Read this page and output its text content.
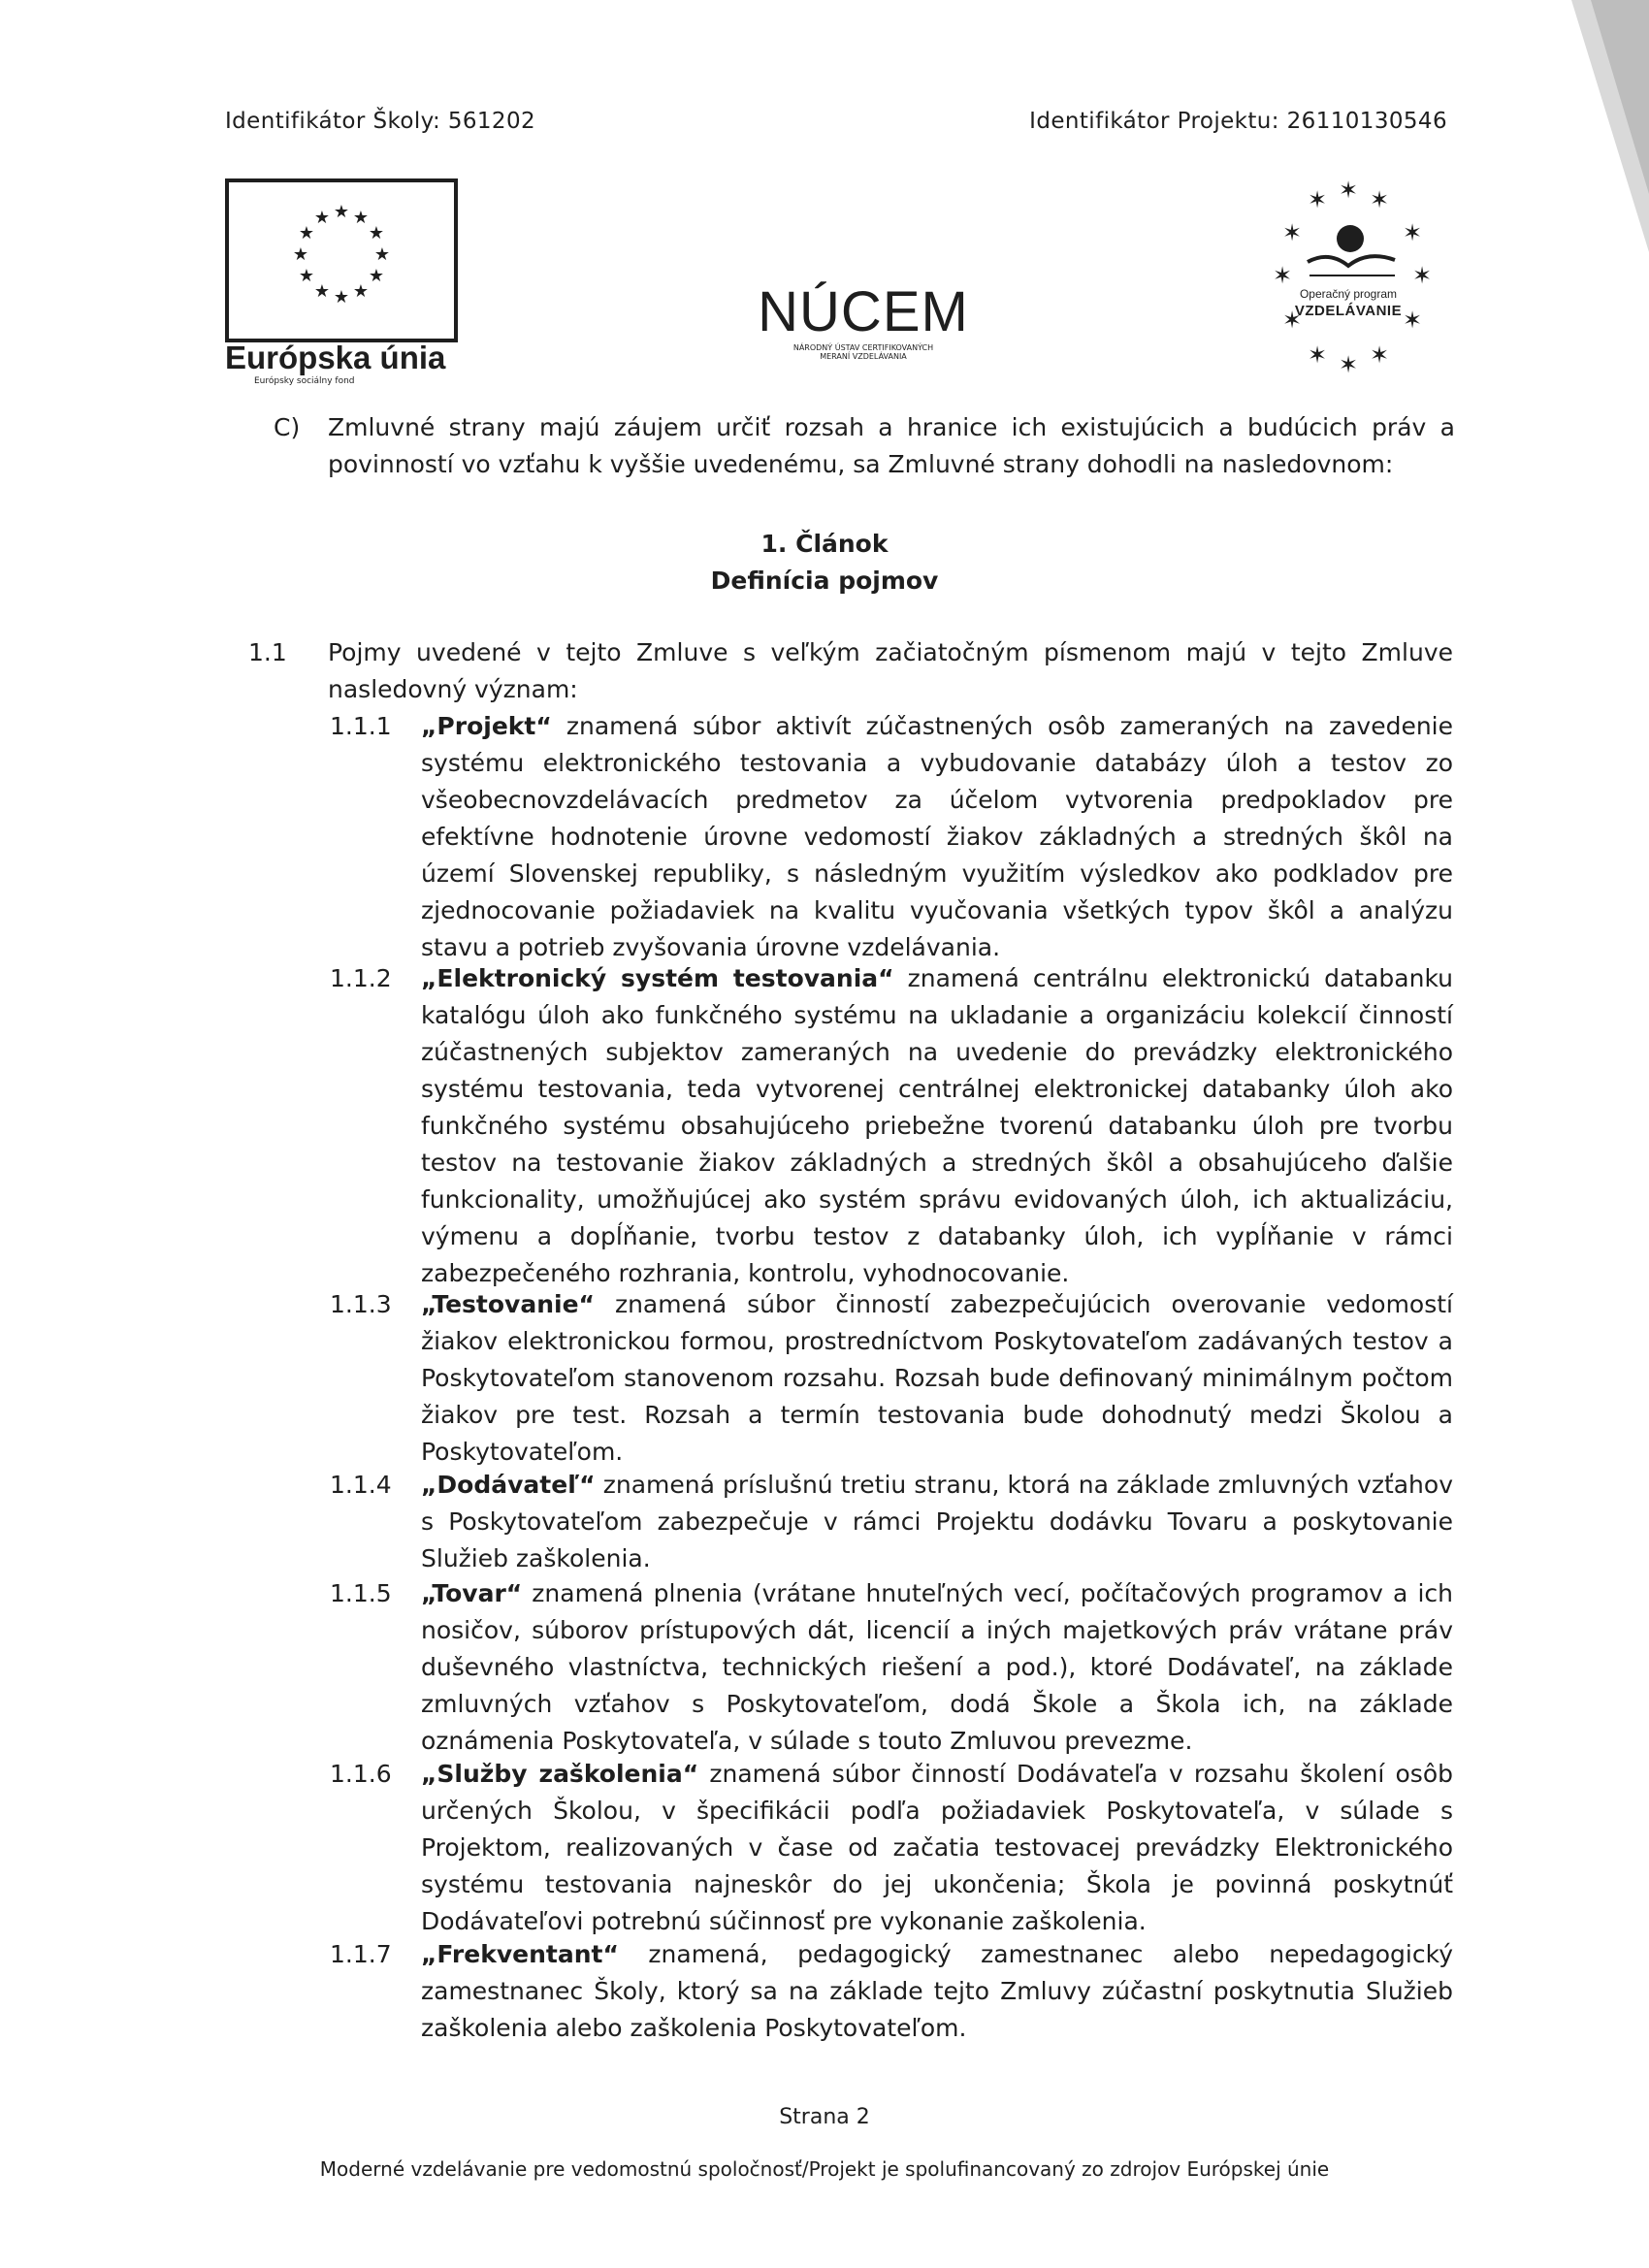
Identifikátor Školy: 561202	Identifikátor Projektu: 26110130546
★ ★
★
★
★
★
★
★
★
★
★
★
Európska únia
Európsky sociálny fond
NÚCEM
NÁRODNÝ ÚSTAV CERTIFIKOVANÝCH
MERANÍ VZDELÁVANIA
✶ ✶ ✶
✶	✶
✶	✶
✶	✶
✶ ✶ ✶
Operačný program
VZDELÁVANIE
C)	Zmluvné strany majú záujem určiť rozsah a hranice ich existujúcich a budúcich práv a povinností vo vzťahu k vyššie uvedenému, sa Zmluvné strany dohodli na nasledovnom:
1. Článok
Definícia pojmov
1.1	Pojmy uvedené v tejto Zmluve s veľkým začiatočným písmenom majú v tejto Zmluve nasledovný význam:
1.1.1	„Projekt“ znamená súbor aktivít zúčastnených osôb zameraných na zavedenie systému elektronického testovania a vybudovanie databázy úloh a testov zo všeobecnovzdelávacích predmetov za účelom vytvorenia predpokladov pre efektívne hodnotenie úrovne vedomostí žiakov základných a stredných škôl na území Slovenskej republiky, s následným využitím výsledkov ako podkladov pre zjednocovanie požiadaviek na kvalitu vyučovania všetkých typov škôl a analýzu stavu a potrieb zvyšovania úrovne vzdelávania.
1.1.2	„Elektronický systém testovania“ znamená centrálnu elektronickú databanku katalógu úloh ako funkčného systému na ukladanie a organizáciu kolekcií činností zúčastnených subjektov zameraných na uvedenie do prevádzky elektronického systému testovania, teda vytvorenej centrálnej elektronickej databanky úloh ako funkčného systému obsahujúceho priebežne tvorenú databanku úloh pre tvorbu testov na testovanie žiakov základných a stredných škôl a obsahujúceho ďalšie funkcionality, umožňujúcej ako systém správu evidovaných úloh, ich aktualizáciu, výmenu a dopĺňanie, tvorbu testov z databanky úloh, ich vypĺňanie v rámci zabezpečeného rozhrania, kontrolu, vyhodnocovanie.
1.1.3	„Testovanie“ znamená súbor činností zabezpečujúcich overovanie vedomostí žiakov elektronickou formou, prostredníctvom Poskytovateľom zadávaných testov a Poskytovateľom stanovenom rozsahu. Rozsah bude definovaný minimálnym počtom žiakov pre test. Rozsah a termín testovania bude dohodnutý medzi Školou a Poskytovateľom.
1.1.4	„Dodávateľ“ znamená príslušnú tretiu stranu, ktorá na základe zmluvných vzťahov s Poskytovateľom zabezpečuje v rámci Projektu dodávku Tovaru a poskytovanie Služieb zaškolenia.
1.1.5	„Tovar“ znamená plnenia (vrátane hnuteľných vecí, počítačových programov a ich nosičov, súborov prístupových dát, licencií a iných majetkových práv vrátane práv duševného vlastníctva, technických riešení a pod.), ktoré Dodávateľ, na základe zmluvných vzťahov s Poskytovateľom, dodá Škole a Škola ich, na základe oznámenia Poskytovateľa, v súlade s touto Zmluvou prevezme.
1.1.6	„Služby zaškolenia“ znamená súbor činností Dodávateľa v rozsahu školení osôb určených Školou, v špecifikácii podľa požiadaviek Poskytovateľa, v súlade s Projektom, realizovaných v čase od začatia testovacej prevádzky Elektronického systému testovania najneskôr do jej ukončenia; Škola je povinná poskytnúť Dodávateľovi potrebnú súčinnosť pre vykonanie zaškolenia.
1.1.7	„Frekventant“ znamená, pedagogický zamestnanec alebo nepedagogický zamestnanec Školy, ktorý sa na základe tejto Zmluvy zúčastní poskytnutia Služieb zaškolenia alebo zaškolenia Poskytovateľom.
Strana 2
Moderné vzdelávanie pre vedomostnú spoločnosť/Projekt je spolufinancovaný zo zdrojov Európskej únie
